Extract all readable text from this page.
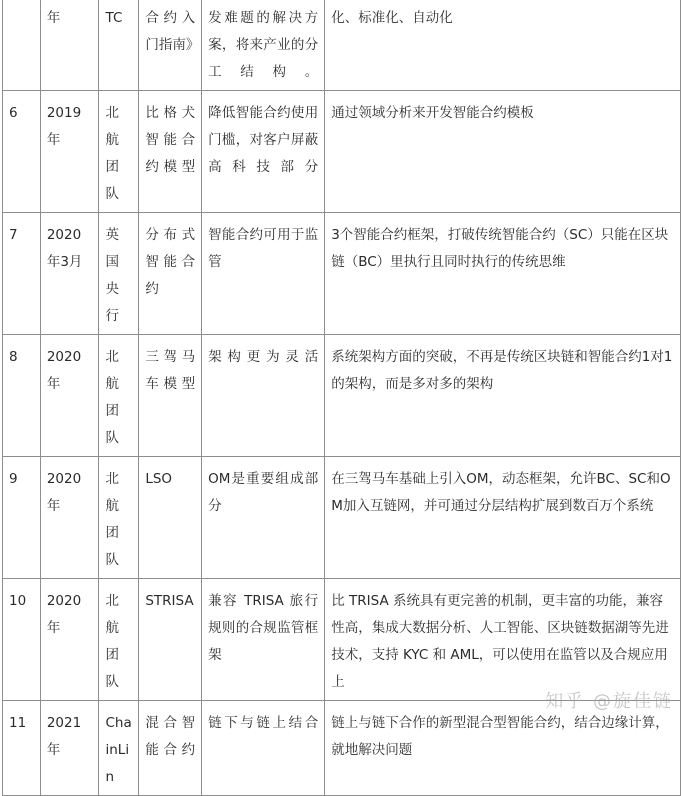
	年	TC	合约入门指南》	发难题的解决方案，将来产业的分工结构。	化、标准化、自动化
6	2019年	北航团队	比格犬智能合约模型	降低智能合约使用门槛，对客户屏蔽高科技部分	通过领域分析来开发智能合约模板
7	2020年3月	英国央行	分布式智能合约	智能合约可用于监管	3个智能合约框架，打破传统智能合约（SC）只能在区块链（BC）里执行且同时执行的传统思维
8	2020年	北航团队	三驾马车模型	架构更为灵活	系统架构方面的突破，不再是传统区块链和智能合约1对1的架构，而是多对多的架构
9	2020年	北航团队	LSO	OM是重要组成部分	在三驾马车基础上引入OM，动态框架，允许BC、SC和OM加入互链网，并可通过分层结构扩展到数百万个系统
10	2020年	北航团队	STRISA	兼容 TRISA 旅行规则的合规监管框架	比 TRISA 系统具有更完善的机制，更丰富的功能，兼容性高，集成大数据分析、人工智能、区块链数据湖等先进技术，支持 KYC 和 AML，可以使用在监管以及合规应用上
11	2021年	ChainLin	混合智能合约	链下与链上结合	链上与链下合作的新型混合型智能合约，结合边缘计算，就地解决问题
知乎 @旋佳链
